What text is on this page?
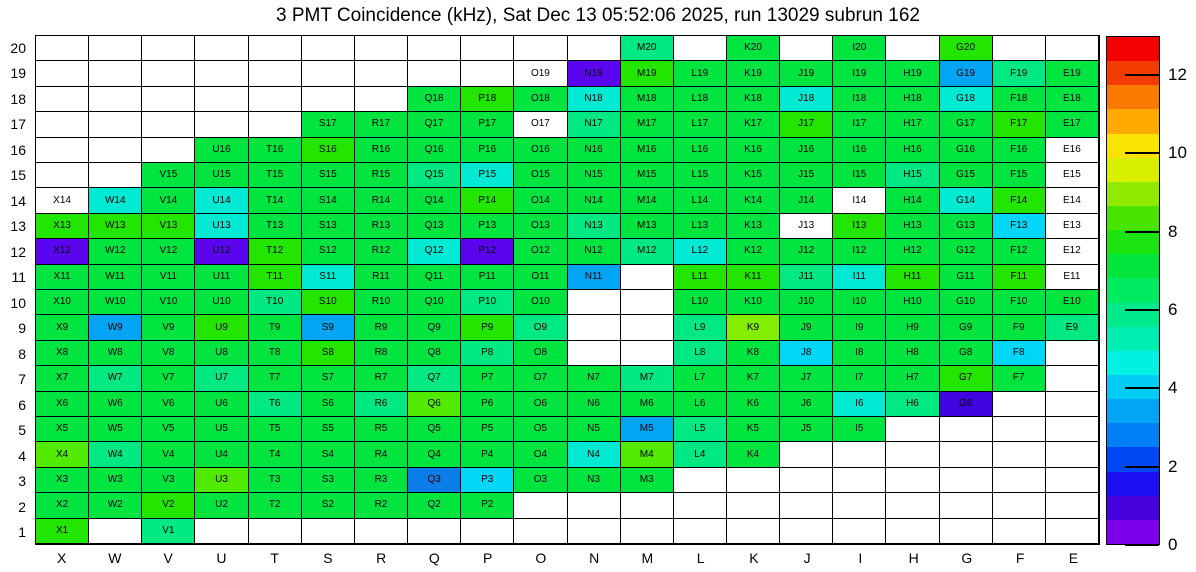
3 PMT Coincidence (kHz), Sat Dec 13 05:52:06 2025, run 13029 subrun 162
20
19
18
17
16
15
14
13
12
11
10
9
8
7
6
5
4
3
2
1
M20	K20	I20	G20
O19	N19	M19	L19	K19	J19	I19	H19	G19	F19	E19
Q18	P18	O18	N18	M18	L18	K18	J18	I18	H18	G18	F18	E18
S17	R17	Q17	P17	O17	N17	M17	L17	K17	J17	I17	H17	G17	F17	E17
U16	T16	S16	R16	Q16	P16	O16	N16	M16	L16	K16	J16	I16	H16	G16	F16	E16
V15	U15	T15	S15	R15	Q15	P15	O15	N15	M15	L15	K15	J15	I15	H15	G15	F15	E15
X14	W14	V14	U14	T14	S14	R14	Q14	P14	O14	N14	M14	L14	K14	J14	I14	H14	G14	F14	E14
X13	W13	V13	U13	T13	S13	R13	Q13	P13	O13	N13	M13	L13	K13	J13	I13	H13	G13	F13	E13
X12	W12	V12	U12	T12	S12	R12	Q12	P12	O12	N12	M12	L12	K12	J12	I12	H12	G12	F12	E12
X11	W11	V11	U11	T11	S11	R11	Q11	P11	O11	N11	L11	K11	J11	I11	H11	G11	F11	E11
X10	W10	V10	U10	T10	S10	R10	Q10	P10	O10	L10	K10	J10	I10	H10	G10	F10	E10
X9	W9	V9	U9	T9	S9	R9	Q9	P9	O9	L9	K9	J9	I9	H9	G9	F9	E9
X8	W8	V8	U8	T8	S8	R8	Q8	P8	O8	L8	K8	J8	I8	H8	G8	F8
X7	W7	V7	U7	T7	S7	R7	Q7	P7	O7	N7	M7	L7	K7	J7	I7	H7	G7	F7
X6	W6	V6	U6	T6	S6	R6	Q6	P6	O6	N6	M6	L6	K6	J6	I6	H6	G6
X5	W5	V5	U5	T5	S5	R5	Q5	P5	O5	N5	M5	L5	K5	J5	I5
X4	W4	V4	U4	T4	S4	R4	Q4	P4	O4	N4	M4	L4	K4
X3	W3	V3	U3	T3	S3	R3	Q3	P3	O3	N3	M3
X2	W2	V2	U2	T2	S2	R2	Q2	P2
X1	V1
X	W	V	U	T	S	R	Q	P	O	N	M	L	K	J	I	H	G	F	E
0
2
4
6
8
10
12
